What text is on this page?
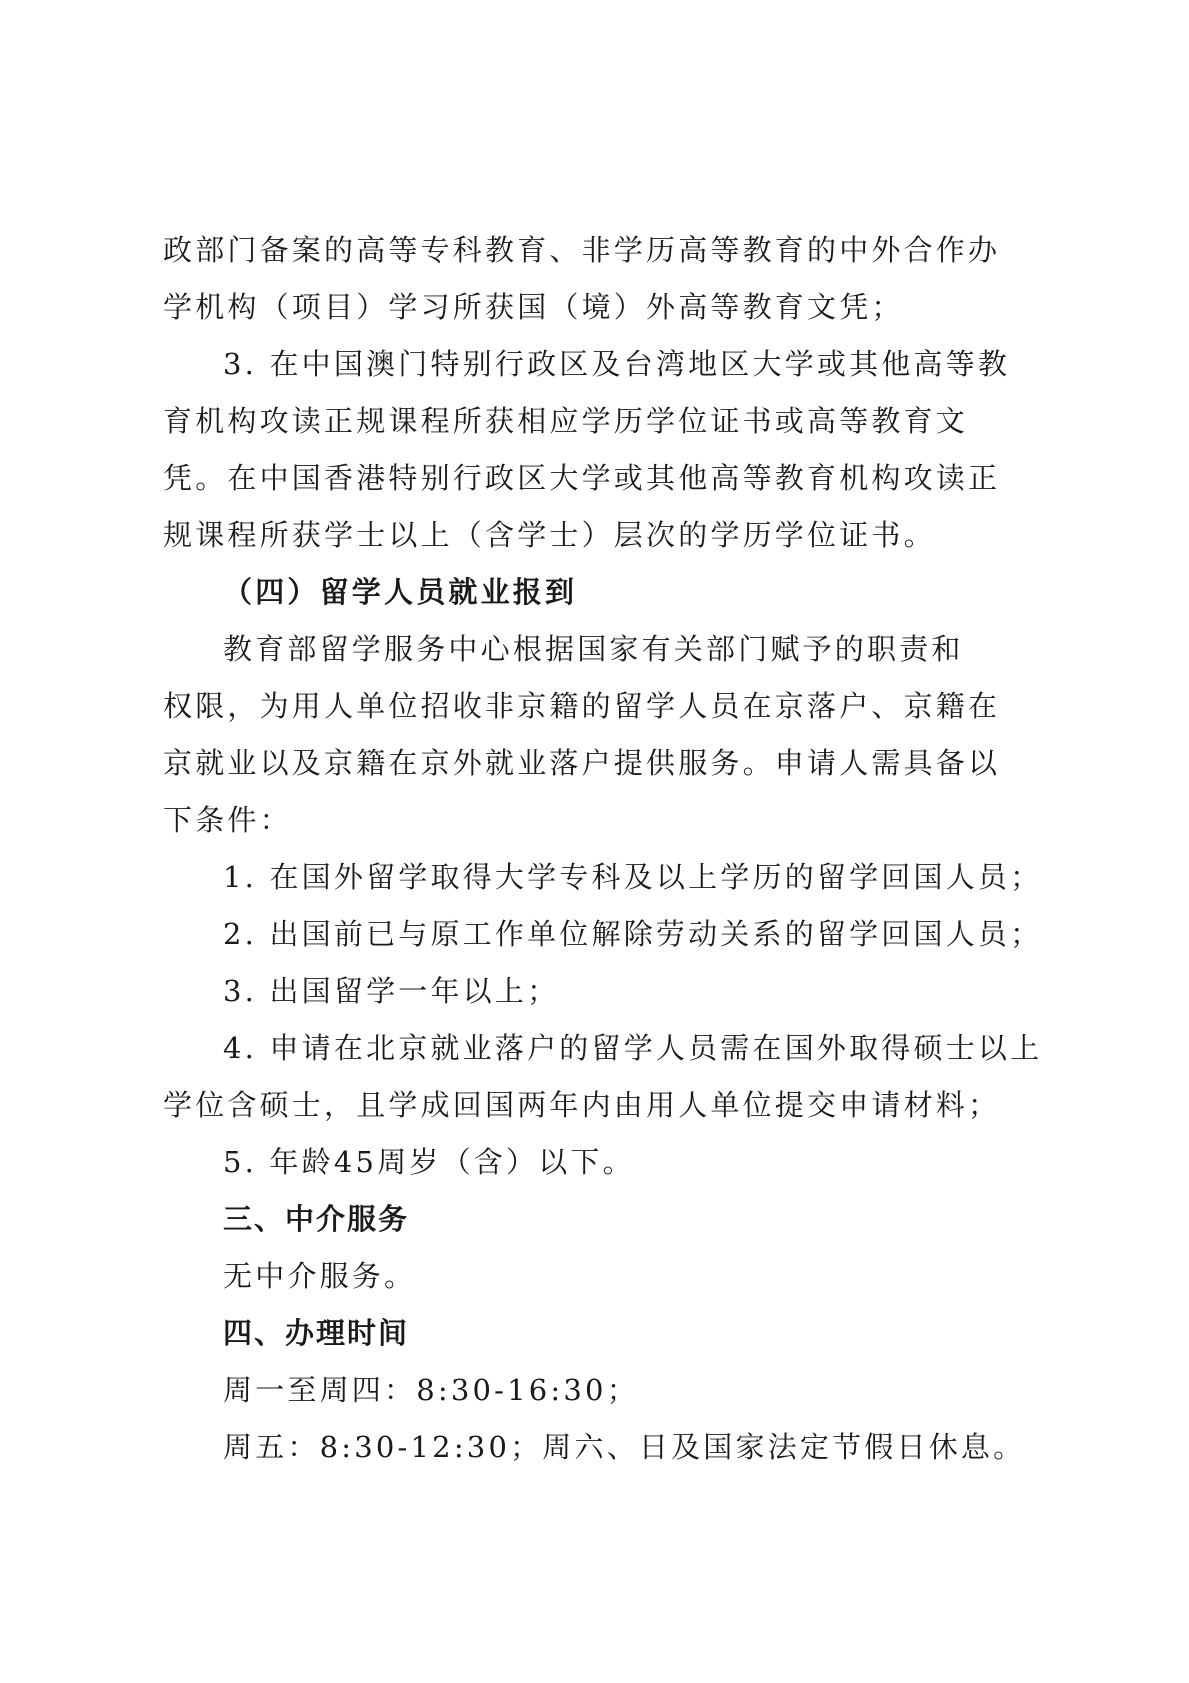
政部门备案的高等专科教育、非学历高等教育的中外合作办
学机构（项目）学习所获国（境）外高等教育文凭；
3. 在中国澳门特别行政区及台湾地区大学或其他高等教
育机构攻读正规课程所获相应学历学位证书或高等教育文
凭。在中国香港特别行政区大学或其他高等教育机构攻读正
规课程所获学士以上（含学士）层次的学历学位证书。
（四）留学人员就业报到
教育部留学服务中心根据国家有关部门赋予的职责和
权限，为用人单位招收非京籍的留学人员在京落户、京籍在
京就业以及京籍在京外就业落户提供服务。申请人需具备以
下条件：
1. 在国外留学取得大学专科及以上学历的留学回国人员；
2. 出国前已与原工作单位解除劳动关系的留学回国人员；
3. 出国留学一年以上；
4. 申请在北京就业落户的留学人员需在国外取得硕士以上
学位含硕士，且学成回国两年内由用人单位提交申请材料；
5. 年龄45周岁（含）以下。
三、中介服务
无中介服务。
四、办理时间
周一至周四：8:30-16:30；
周五：8:30-12:30；周六、日及国家法定节假日休息。
